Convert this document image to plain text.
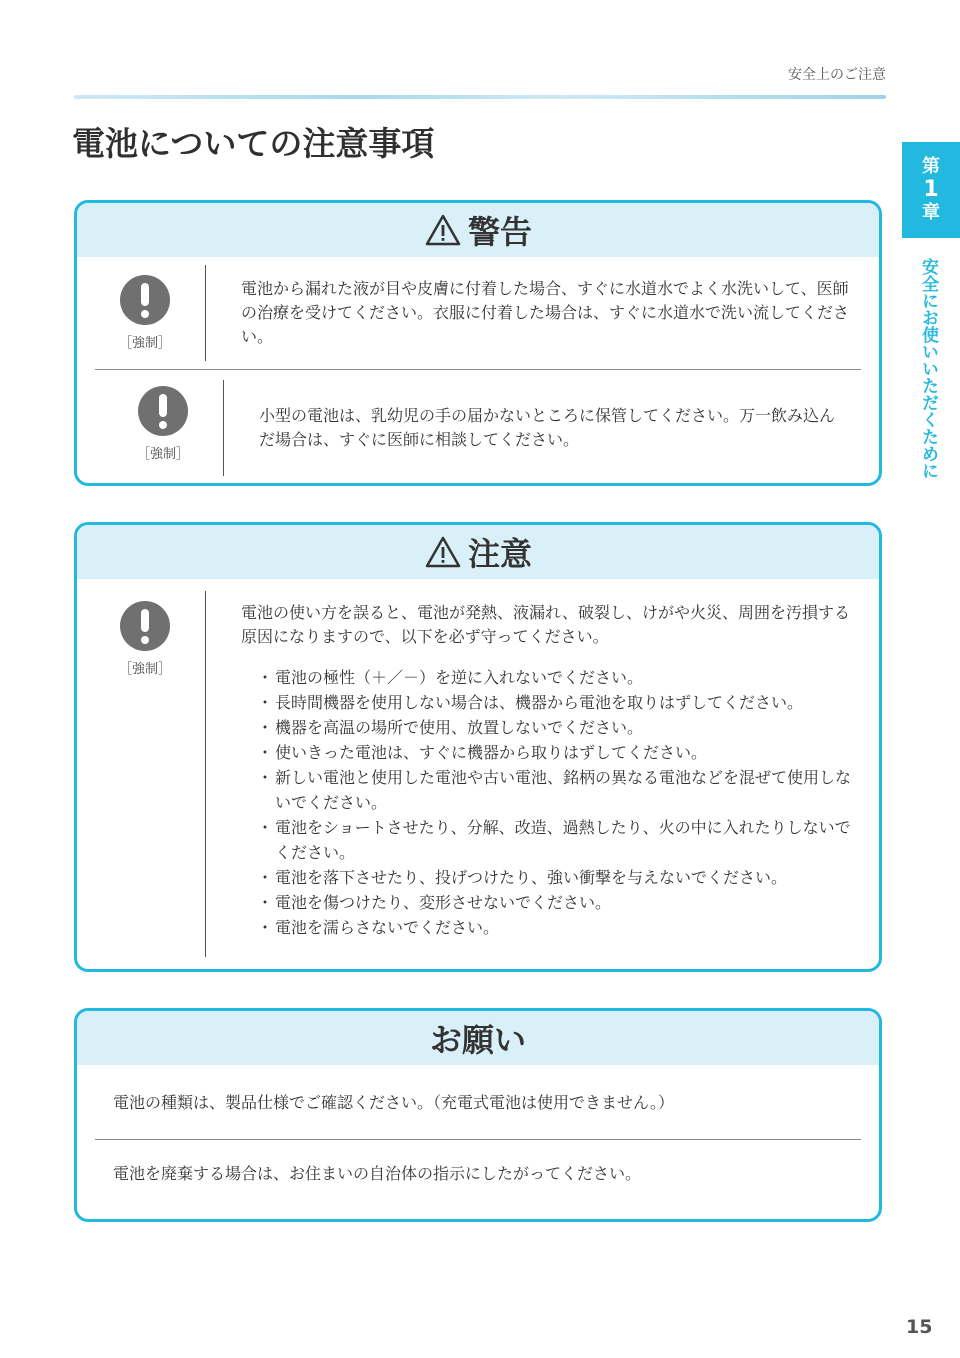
安全上のご注意
電池についての注意事項
第
1
章
安全にお使いいただくために
警告
［強制］
電池から漏れた液が目や皮膚に付着した場合、すぐに水道水でよく水洗いして、医師の治療を受けてください。衣服に付着した場合は、すぐに水道水で洗い流してください。
［強制］
小型の電池は、乳幼児の手の届かないところに保管してください。万一飲み込んだ場合は、すぐに医師に相談してください。
注意
［強制］
電池の使い方を誤ると、電池が発熱、液漏れ、破裂し、けがや火災、周囲を汚損する原因になりますので、以下を必ず守ってください。
・ 電池の極性（＋／－）を逆に入れないでください。
・ 長時間機器を使用しない場合は、機器から電池を取りはずしてください。
・ 機器を高温の場所で使用、放置しないでください。
・ 使いきった電池は、すぐに機器から取りはずしてください。
・ 新しい電池と使用した電池や古い電池、銘柄の異なる電池などを混ぜて使用しないでください。
・ 電池をショートさせたり、分解、改造、過熱したり、火の中に入れたりしないでください。
・ 電池を落下させたり、投げつけたり、強い衝撃を与えないでください。
・ 電池を傷つけたり、変形させないでください。
・ 電池を濡らさないでください。
お願い
電池の種類は、製品仕様でご確認ください。（充電式電池は使用できません。）
電池を廃棄する場合は、お住まいの自治体の指示にしたがってください。
15
